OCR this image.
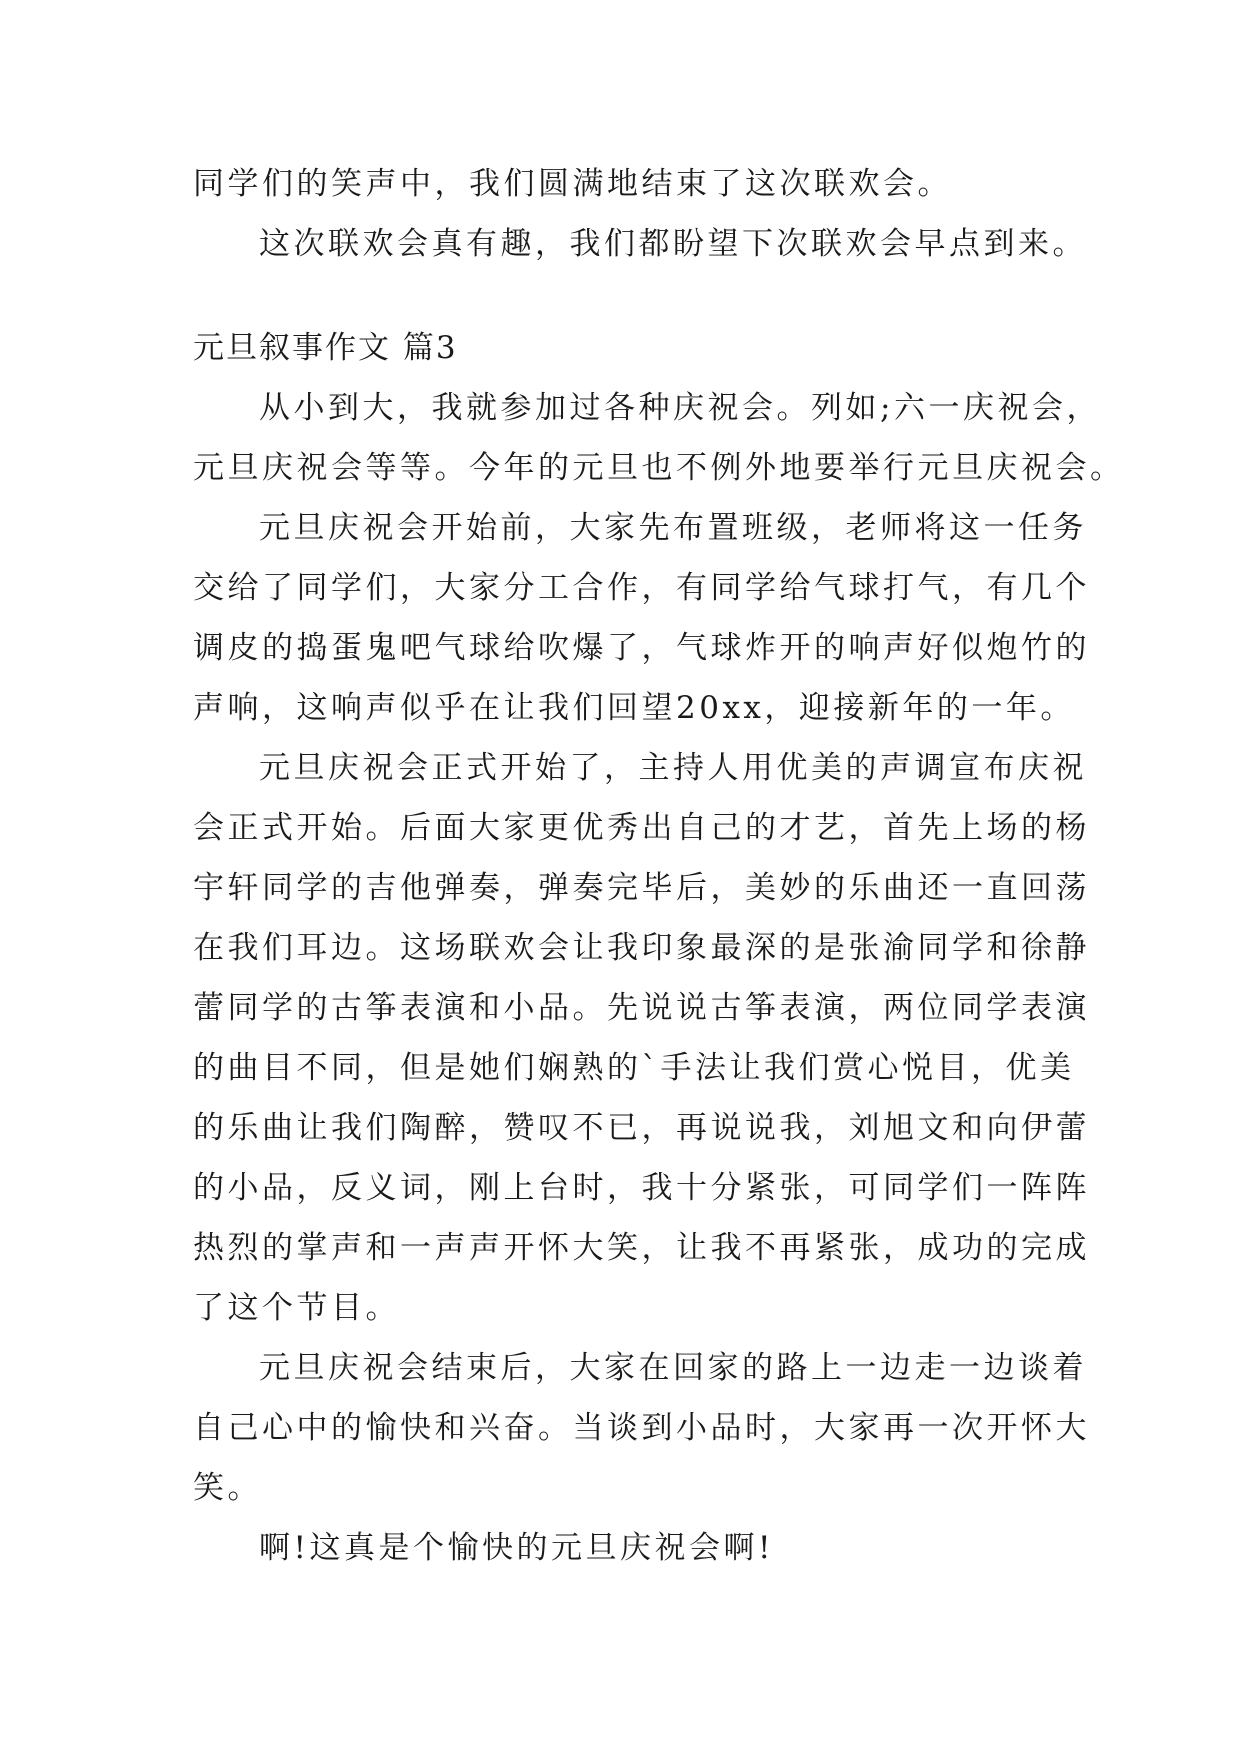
同学们的笑声中，我们圆满地结束了这次联欢会。
这次联欢会真有趣，我们都盼望下次联欢会早点到来。
元旦叙事作文 篇3
从小到大，我就参加过各种庆祝会。列如;六一庆祝会，
元旦庆祝会等等。今年的元旦也不例外地要举行元旦庆祝会。
元旦庆祝会开始前，大家先布置班级，老师将这一任务
交给了同学们，大家分工合作，有同学给气球打气，有几个
调皮的捣蛋鬼吧气球给吹爆了，气球炸开的响声好似炮竹的
声响，这响声似乎在让我们回望20xx，迎接新年的一年。
元旦庆祝会正式开始了，主持人用优美的声调宣布庆祝
会正式开始。后面大家更优秀出自己的才艺，首先上场的杨
宇轩同学的吉他弹奏，弹奏完毕后，美妙的乐曲还一直回荡
在我们耳边。这场联欢会让我印象最深的是张渝同学和徐静
蕾同学的古筝表演和小品。先说说古筝表演，两位同学表演
的曲目不同，但是她们娴熟的`手法让我们赏心悦目，优美
的乐曲让我们陶醉，赞叹不已，再说说我，刘旭文和向伊蕾
的小品，反义词，刚上台时，我十分紧张，可同学们一阵阵
热烈的掌声和一声声开怀大笑，让我不再紧张，成功的完成
了这个节目。
元旦庆祝会结束后，大家在回家的路上一边走一边谈着
自己心中的愉快和兴奋。当谈到小品时，大家再一次开怀大
笑。
啊!这真是个愉快的元旦庆祝会啊!
